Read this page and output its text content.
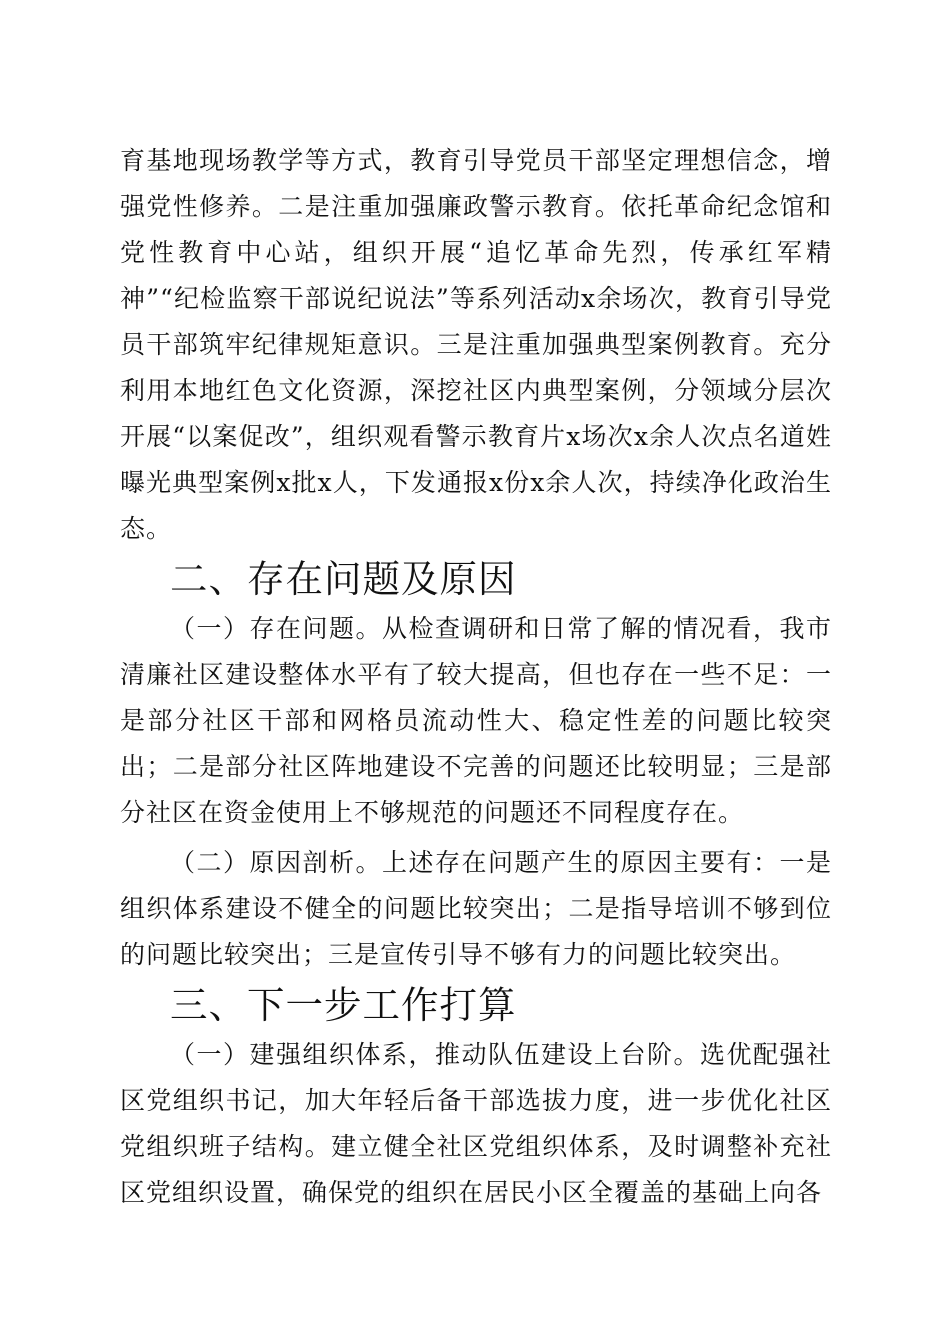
育基地现场教学等方式，教育引导党员干部坚定理想信念，增强党性修养。二是注重加强廉政警示教育。依托革命纪念馆和党性教育中心站，组织开展“追忆革命先烈，传承红军精神”“纪检监察干部说纪说法”等系列活动x余场次，教育引导党员干部筑牢纪律规矩意识。三是注重加强典型案例教育。充分利用本地红色文化资源，深挖社区内典型案例，分领域分层次开展“以案促改”，组织观看警示教育片x场次x余人次点名道姓曝光典型案例x批x人，下发通报x份x余人次，持续净化政治生态。

二、存在问题及原因

（一）存在问题。从检查调研和日常了解的情况看，我市清廉社区建设整体水平有了较大提高，但也存在一些不足：一是部分社区干部和网格员流动性大、稳定性差的问题比较突出；二是部分社区阵地建设不完善的问题还比较明显；三是部分社区在资金使用上不够规范的问题还不同程度存在。

（二）原因剖析。上述存在问题产生的原因主要有：一是组织体系建设不健全的问题比较突出；二是指导培训不够到位的问题比较突出；三是宣传引导不够有力的问题比较突出。

三、下一步工作打算

（一）建强组织体系，推动队伍建设上台阶。选优配强社区党组织书记，加大年轻后备干部选拔力度，进一步优化社区党组织班子结构。建立健全社区党组织体系，及时调整补充社区党组织设置，确保党的组织在居民小区全覆盖的基础上向各
